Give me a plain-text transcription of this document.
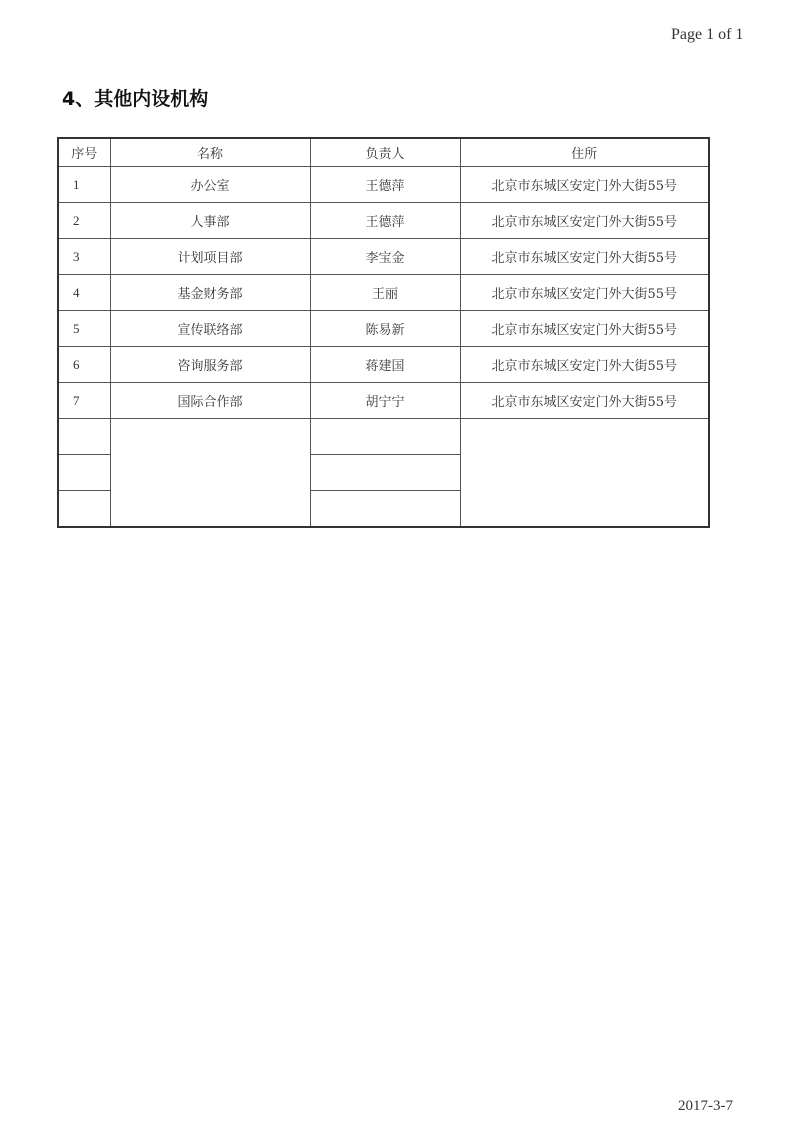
Page 1 of 1
4、其他内设机构
序号	名称	负责人	住所
1	办公室	王德萍	北京市东城区安定门外大街55号
2	人事部	王德萍	北京市东城区安定门外大街55号
3	计划项目部	李宝金	北京市东城区安定门外大街55号
4	基金财务部	王丽	北京市东城区安定门外大街55号
5	宣传联络部	陈易新	北京市东城区安定门外大街55号
6	咨询服务部	蒋建国	北京市东城区安定门外大街55号
7	国际合作部	胡宁宁	北京市东城区安定门外大街55号

2017-3-7
